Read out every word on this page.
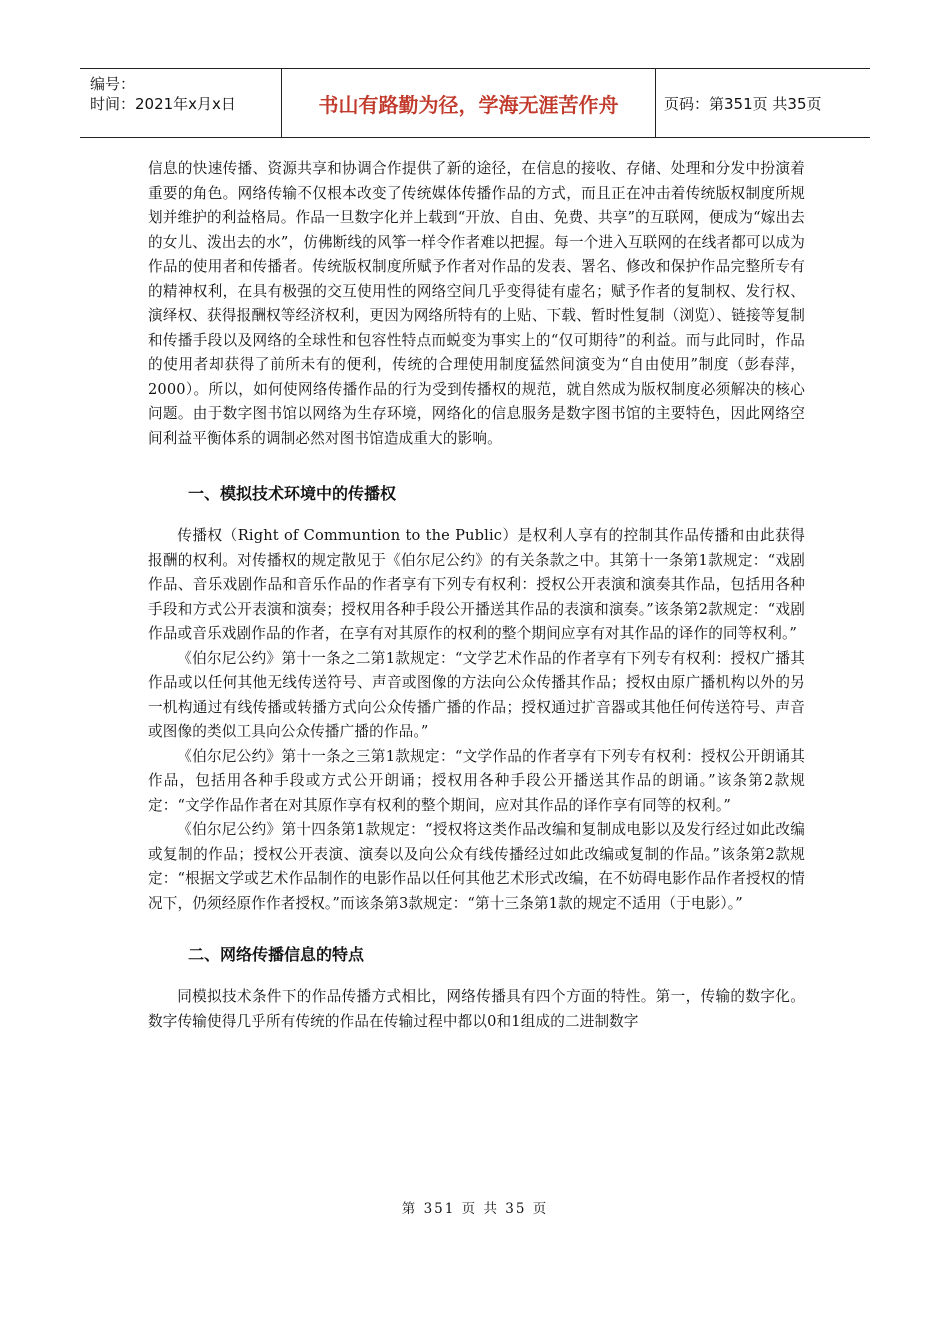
编号：
时间：2021年x月x日	书山有路勤为径，学海无涯苦作舟	页码：第351页 共35页

信息的快速传播、资源共享和协调合作提供了新的途径，在信息的接收、存储、处理和分发中扮演着重要的角色。网络传输不仅根本改变了传统媒体传播作品的方式，而且正在冲击着传统版权制度所规划并维护的利益格局。作品一旦数字化并上载到“开放、自由、免费、共享”的互联网，便成为“嫁出去的女儿、泼出去的水”，仿佛断线的风筝一样令作者难以把握。每一个进入互联网的在线者都可以成为作品的使用者和传播者。传统版权制度所赋予作者对作品的发表、署名、修改和保护作品完整所专有的精神权利，在具有极强的交互使用性的网络空间几乎变得徒有虚名；赋予作者的复制权、发行权、演绎权、获得报酬权等经济权利，更因为网络所特有的上贴、下载、暂时性复制（浏览）、链接等复制和传播手段以及网络的全球性和包容性特点而蜕变为事实上的“仅可期待”的利益。而与此同时，作品的使用者却获得了前所未有的便利，传统的合理使用制度猛然间演变为“自由使用”制度（彭春萍，2000）。所以，如何使网络传播作品的行为受到传播权的规范，就自然成为版权制度必须解决的核心问题。由于数字图书馆以网络为生存环境，网络化的信息服务是数字图书馆的主要特色，因此网络空间利益平衡体系的调制必然对图书馆造成重大的影响。

一、模拟技术环境中的传播权

传播权（Right of Communtion to the Public）是权利人享有的控制其作品传播和由此获得报酬的权利。对传播权的规定散见于《伯尔尼公约》的有关条款之中。其第十一条第1款规定：“戏剧作品、音乐戏剧作品和音乐作品的作者享有下列专有权利：授权公开表演和演奏其作品，包括用各种手段和方式公开表演和演奏；授权用各种手段公开播送其作品的表演和演奏。”该条第2款规定：“戏剧作品或音乐戏剧作品的作者，在享有对其原作的权利的整个期间应享有对其作品的译作的同等权利。”

《伯尔尼公约》第十一条之二第1款规定：“文学艺术作品的作者享有下列专有权利：授权广播其作品或以任何其他无线传送符号、声音或图像的方法向公众传播其作品；授权由原广播机构以外的另一机构通过有线传播或转播方式向公众传播广播的作品；授权通过扩音器或其他任何传送符号、声音或图像的类似工具向公众传播广播的作品。”

《伯尔尼公约》第十一条之三第1款规定：“文学作品的作者享有下列专有权利：授权公开朗诵其作品，包括用各种手段或方式公开朗诵；授权用各种手段公开播送其作品的朗诵。”该条第2款规定：“文学作品作者在对其原作享有权利的整个期间，应对其作品的译作享有同等的权利。”

《伯尔尼公约》第十四条第1款规定：“授权将这类作品改编和复制成电影以及发行经过如此改编或复制的作品；授权公开表演、演奏以及向公众有线传播经过如此改编或复制的作品。”该条第2款规定：“根据文学或艺术作品制作的电影作品以任何其他艺术形式改编，在不妨碍电影作品作者授权的情况下，仍须经原作作者授权。”而该条第3款规定：“第十三条第1款的规定不适用（于电影）。”

二、网络传播信息的特点

同模拟技术条件下的作品传播方式相比，网络传播具有四个方面的特性。第一，传输的数字化。数字传输使得几乎所有传统的作品在传输过程中都以0和1组成的二进制数字

第 351 页 共 35 页
